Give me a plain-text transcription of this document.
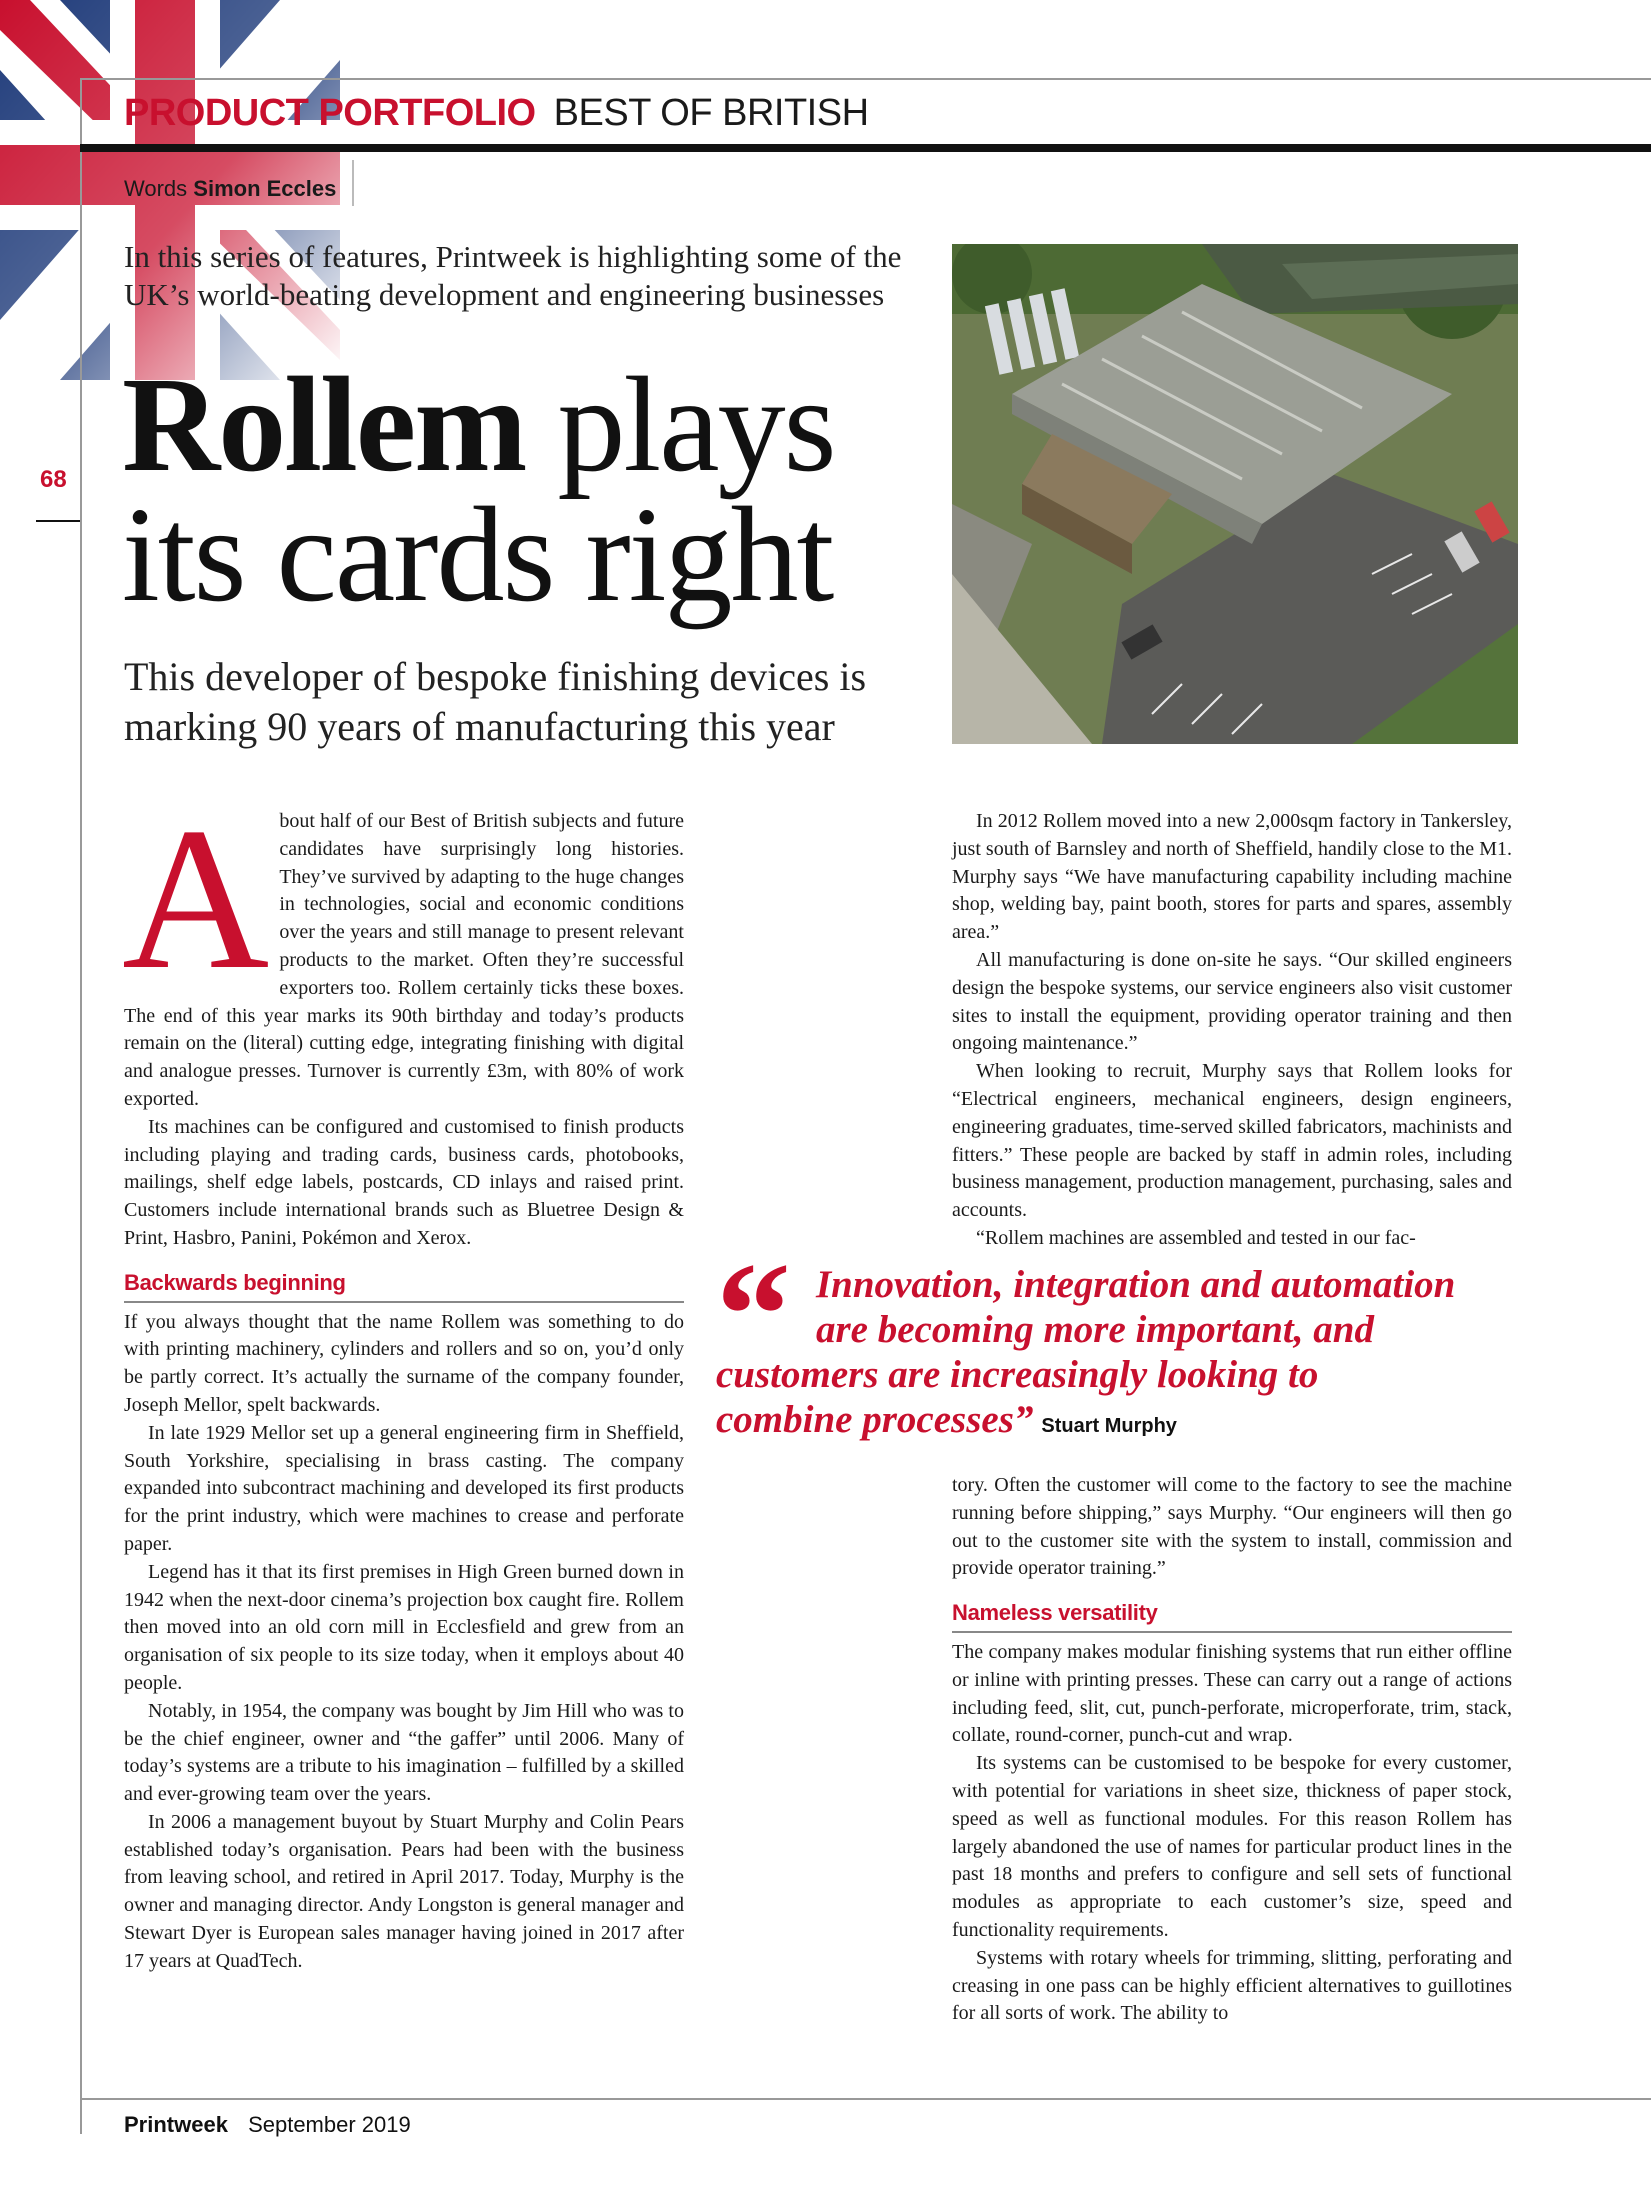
PRODUCT PORTFOLIO BEST OF BRITISH
Words Simon Eccles
68
In this series of features, Printweek is highlighting some of the UK’s world-beating development and engineering businesses
Rollem plays
its cards right
This developer of bespoke finishing devices is marking 90 years of manufacturing this year
A bout half of our Best of British subjects and future candidates have surprisingly long histories. They’ve survived by adapting to the huge changes in technologies, social and economic conditions over the years and still manage to present relevant products to the market. Often they’re successful exporters too. Rollem certainly ticks these boxes. The end of this year marks its 90th birthday and today’s products remain on the (literal) cutting edge, integrating finishing with digital and analogue presses. Turnover is currently £3m, with 80% of work exported.

Its machines can be configured and customised to finish products including playing and trading cards, business cards, photobooks, mailings, shelf edge labels, postcards, CD inlays and raised print. Customers include international brands such as Bluetree Design & Print, Hasbro, Panini, Pokémon and Xerox.

Backwards beginning

If you always thought that the name Rollem was something to do with printing machinery, cylinders and rollers and so on, you’d only be partly correct. It’s actually the surname of the company founder, Joseph Mellor, spelt backwards.

In late 1929 Mellor set up a general engineering firm in Sheffield, South Yorkshire, specialising in brass casting. The company expanded into subcontract machining and developed its first products for the print industry, which were machines to crease and perforate paper.

Legend has it that its first premises in High Green burned down in 1942 when the next-door cinema’s projection box caught fire. Rollem then moved into an old corn mill in Ecclesfield and grew from an organisation of six people to its size today, when it employs about 40 people.

Notably, in 1954, the company was bought by Jim Hill who was to be the chief engineer, owner and “the gaffer” until 2006. Many of today’s systems are a tribute to his imagination – fulfilled by a skilled and ever-growing team over the years.

In 2006 a management buyout by Stuart Murphy and Colin Pears established today’s organisation. Pears had been with the business from leaving school, and retired in April 2017. Today, Murphy is the owner and managing director. Andy Longston is general manager and Stewart Dyer is European sales manager having joined in 2017 after 17 years at QuadTech.

In 2012 Rollem moved into a new 2,000sqm factory in Tankersley, just south of Barnsley and north of Sheffield, handily close to the M1. Murphy says “We have manufacturing capability including machine shop, welding bay, paint booth, stores for parts and spares, assembly area.”

All manufacturing is done on-site he says. “Our skilled engineers design the bespoke systems, our service engineers also visit customer sites to install the equipment, providing operator training and then ongoing maintenance.”

When looking to recruit, Murphy says that Rollem looks for “Electrical engineers, mechanical engineers, design engineers, engineering graduates, time-served skilled fabricators, machinists and fitters.” These people are backed by staff in admin roles, including business management, production management, purchasing, sales and accounts.

“Rollem machines are assembled and tested in our fac-

“ Innovation, integration and automation
are becoming more important, and
customers are increasingly looking to
combine processes” Stuart Murphy

tory. Often the customer will come to the factory to see the machine running before shipping,” says Murphy. “Our engineers will then go out to the customer site with the system to install, commission and provide operator training.”

Nameless versatility

The company makes modular finishing systems that run either offline or inline with printing presses. These can carry out a range of actions including feed, slit, cut, punch-perforate, microperforate, trim, stack, collate, round-corner, punch-cut and wrap.

Its systems can be customised to be bespoke for every customer, with potential for variations in sheet size, thickness of paper stock, speed as well as functional modules. For this reason Rollem has largely abandoned the use of names for particular product lines in the past 18 months and prefers to configure and sell sets of functional modules as appropriate to each customer’s size, speed and functionality requirements.

Systems with rotary wheels for trimming, slitting, perforating and creasing in one pass can be highly efficient alternatives to guillotines for all sorts of work. The ability to

Printweek September 2019
